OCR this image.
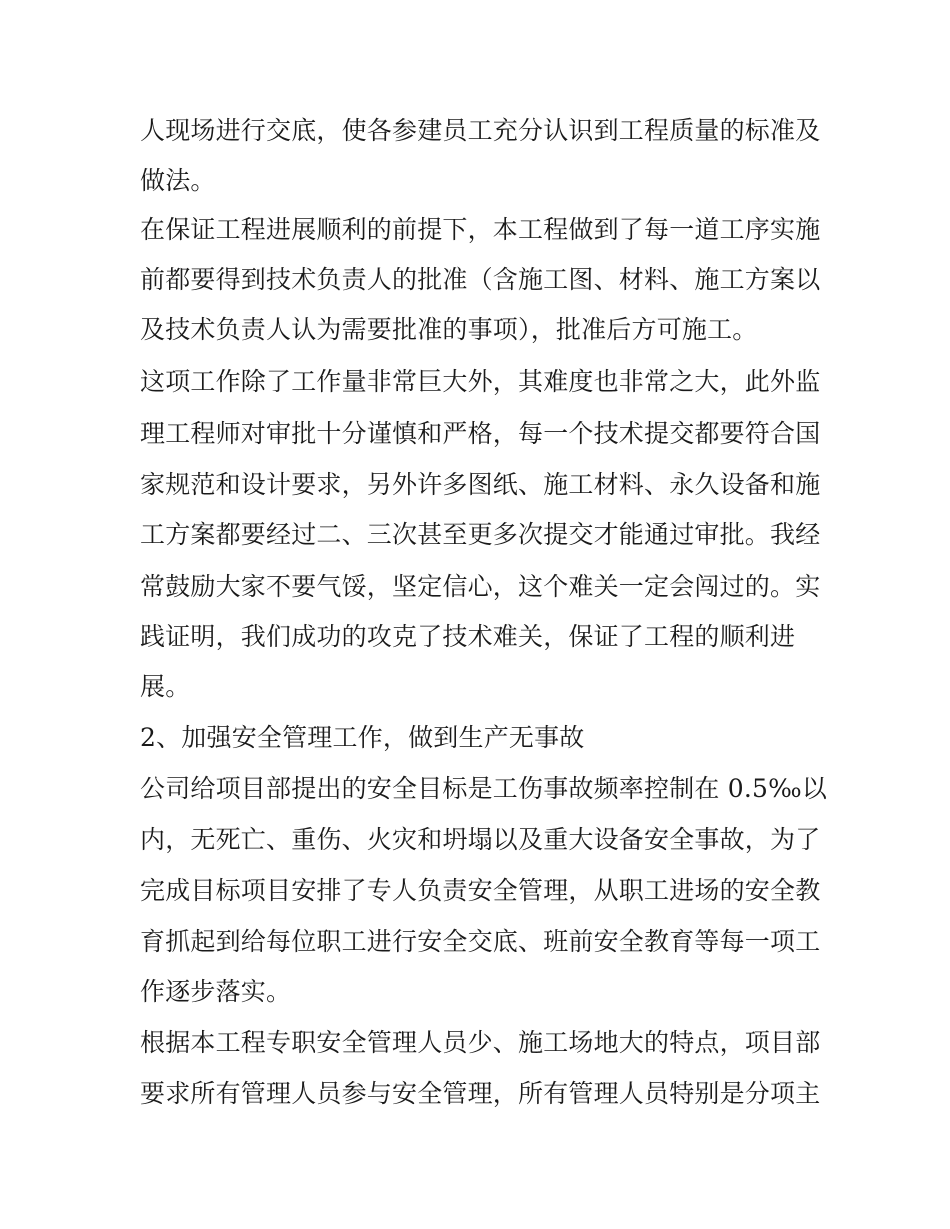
人现场进行交底，使各参建员工充分认识到工程质量的标准及
做法。
在保证工程进展顺利的前提下，本工程做到了每一道工序实施
前都要得到技术负责人的批准（含施工图、材料、施工方案以
及技术负责人认为需要批准的事项），批准后方可施工。
这项工作除了工作量非常巨大外，其难度也非常之大，此外监
理工程师对审批十分谨慎和严格，每一个技术提交都要符合国
家规范和设计要求，另外许多图纸、施工材料、永久设备和施
工方案都要经过二、三次甚至更多次提交才能通过审批。我经
常鼓励大家不要气馁，坚定信心，这个难关一定会闯过的。实
践证明，我们成功的攻克了技术难关，保证了工程的顺利进
展。
2、加强安全管理工作，做到生产无事故
公司给项目部提出的安全目标是工伤事故频率控制在 0.5‰以
内，无死亡、重伤、火灾和坍塌以及重大设备安全事故，为了
完成目标项目安排了专人负责安全管理，从职工进场的安全教
育抓起到给每位职工进行安全交底、班前安全教育等每一项工
作逐步落实。
根据本工程专职安全管理人员少、施工场地大的特点，项目部
要求所有管理人员参与安全管理，所有管理人员特别是分项主
